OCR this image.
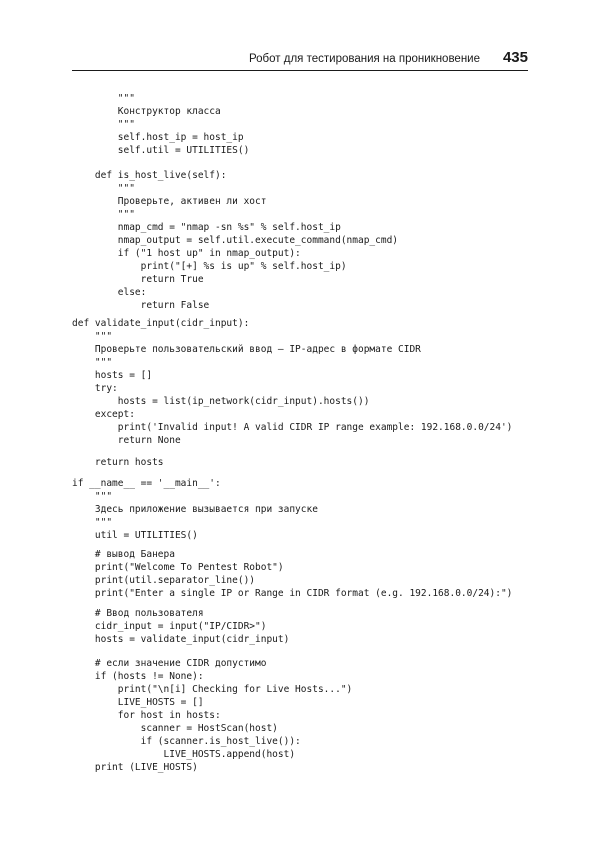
Робот для тестирования на проникновение 435
"""
Конструктор класса
"""
self.host_ip = host_ip
self.util = UTILITIES()
def is_host_live(self):
"""
Проверьте, активен ли хост
"""
nmap_cmd = "nmap -sn %s" % self.host_ip
nmap_output = self.util.execute_command(nmap_cmd)
if ("1 host up" in nmap_output):
print("[+] %s is up" % self.host_ip)
return True
else:
return False
def validate_input(cidr_input):
"""
Проверьте пользовательский ввод — IP-адрес в формате CIDR
"""
hosts = []
try:
hosts = list(ip_network(cidr_input).hosts())
except:
print('Invalid input! A valid CIDR IP range example: 192.168.0.0/24')
return None
return hosts
if __name__ == '__main__':
"""
Здесь приложение вызывается при запуске
"""
util = UTILITIES()
# вывод Банера
print("Welcome To Pentest Robot")
print(util.separator_line())
print("Enter a single IP or Range in CIDR format (e.g. 192.168.0.0/24):")
# Ввод пользователя
cidr_input = input("IP/CIDR>")
hosts = validate_input(cidr_input)
# если значение CIDR допустимо
if (hosts != None):
print("\n[i] Checking for Live Hosts...")
LIVE_HOSTS = []
for host in hosts:
scanner = HostScan(host)
if (scanner.is_host_live()):
LIVE_HOSTS.append(host)
print (LIVE_HOSTS)
